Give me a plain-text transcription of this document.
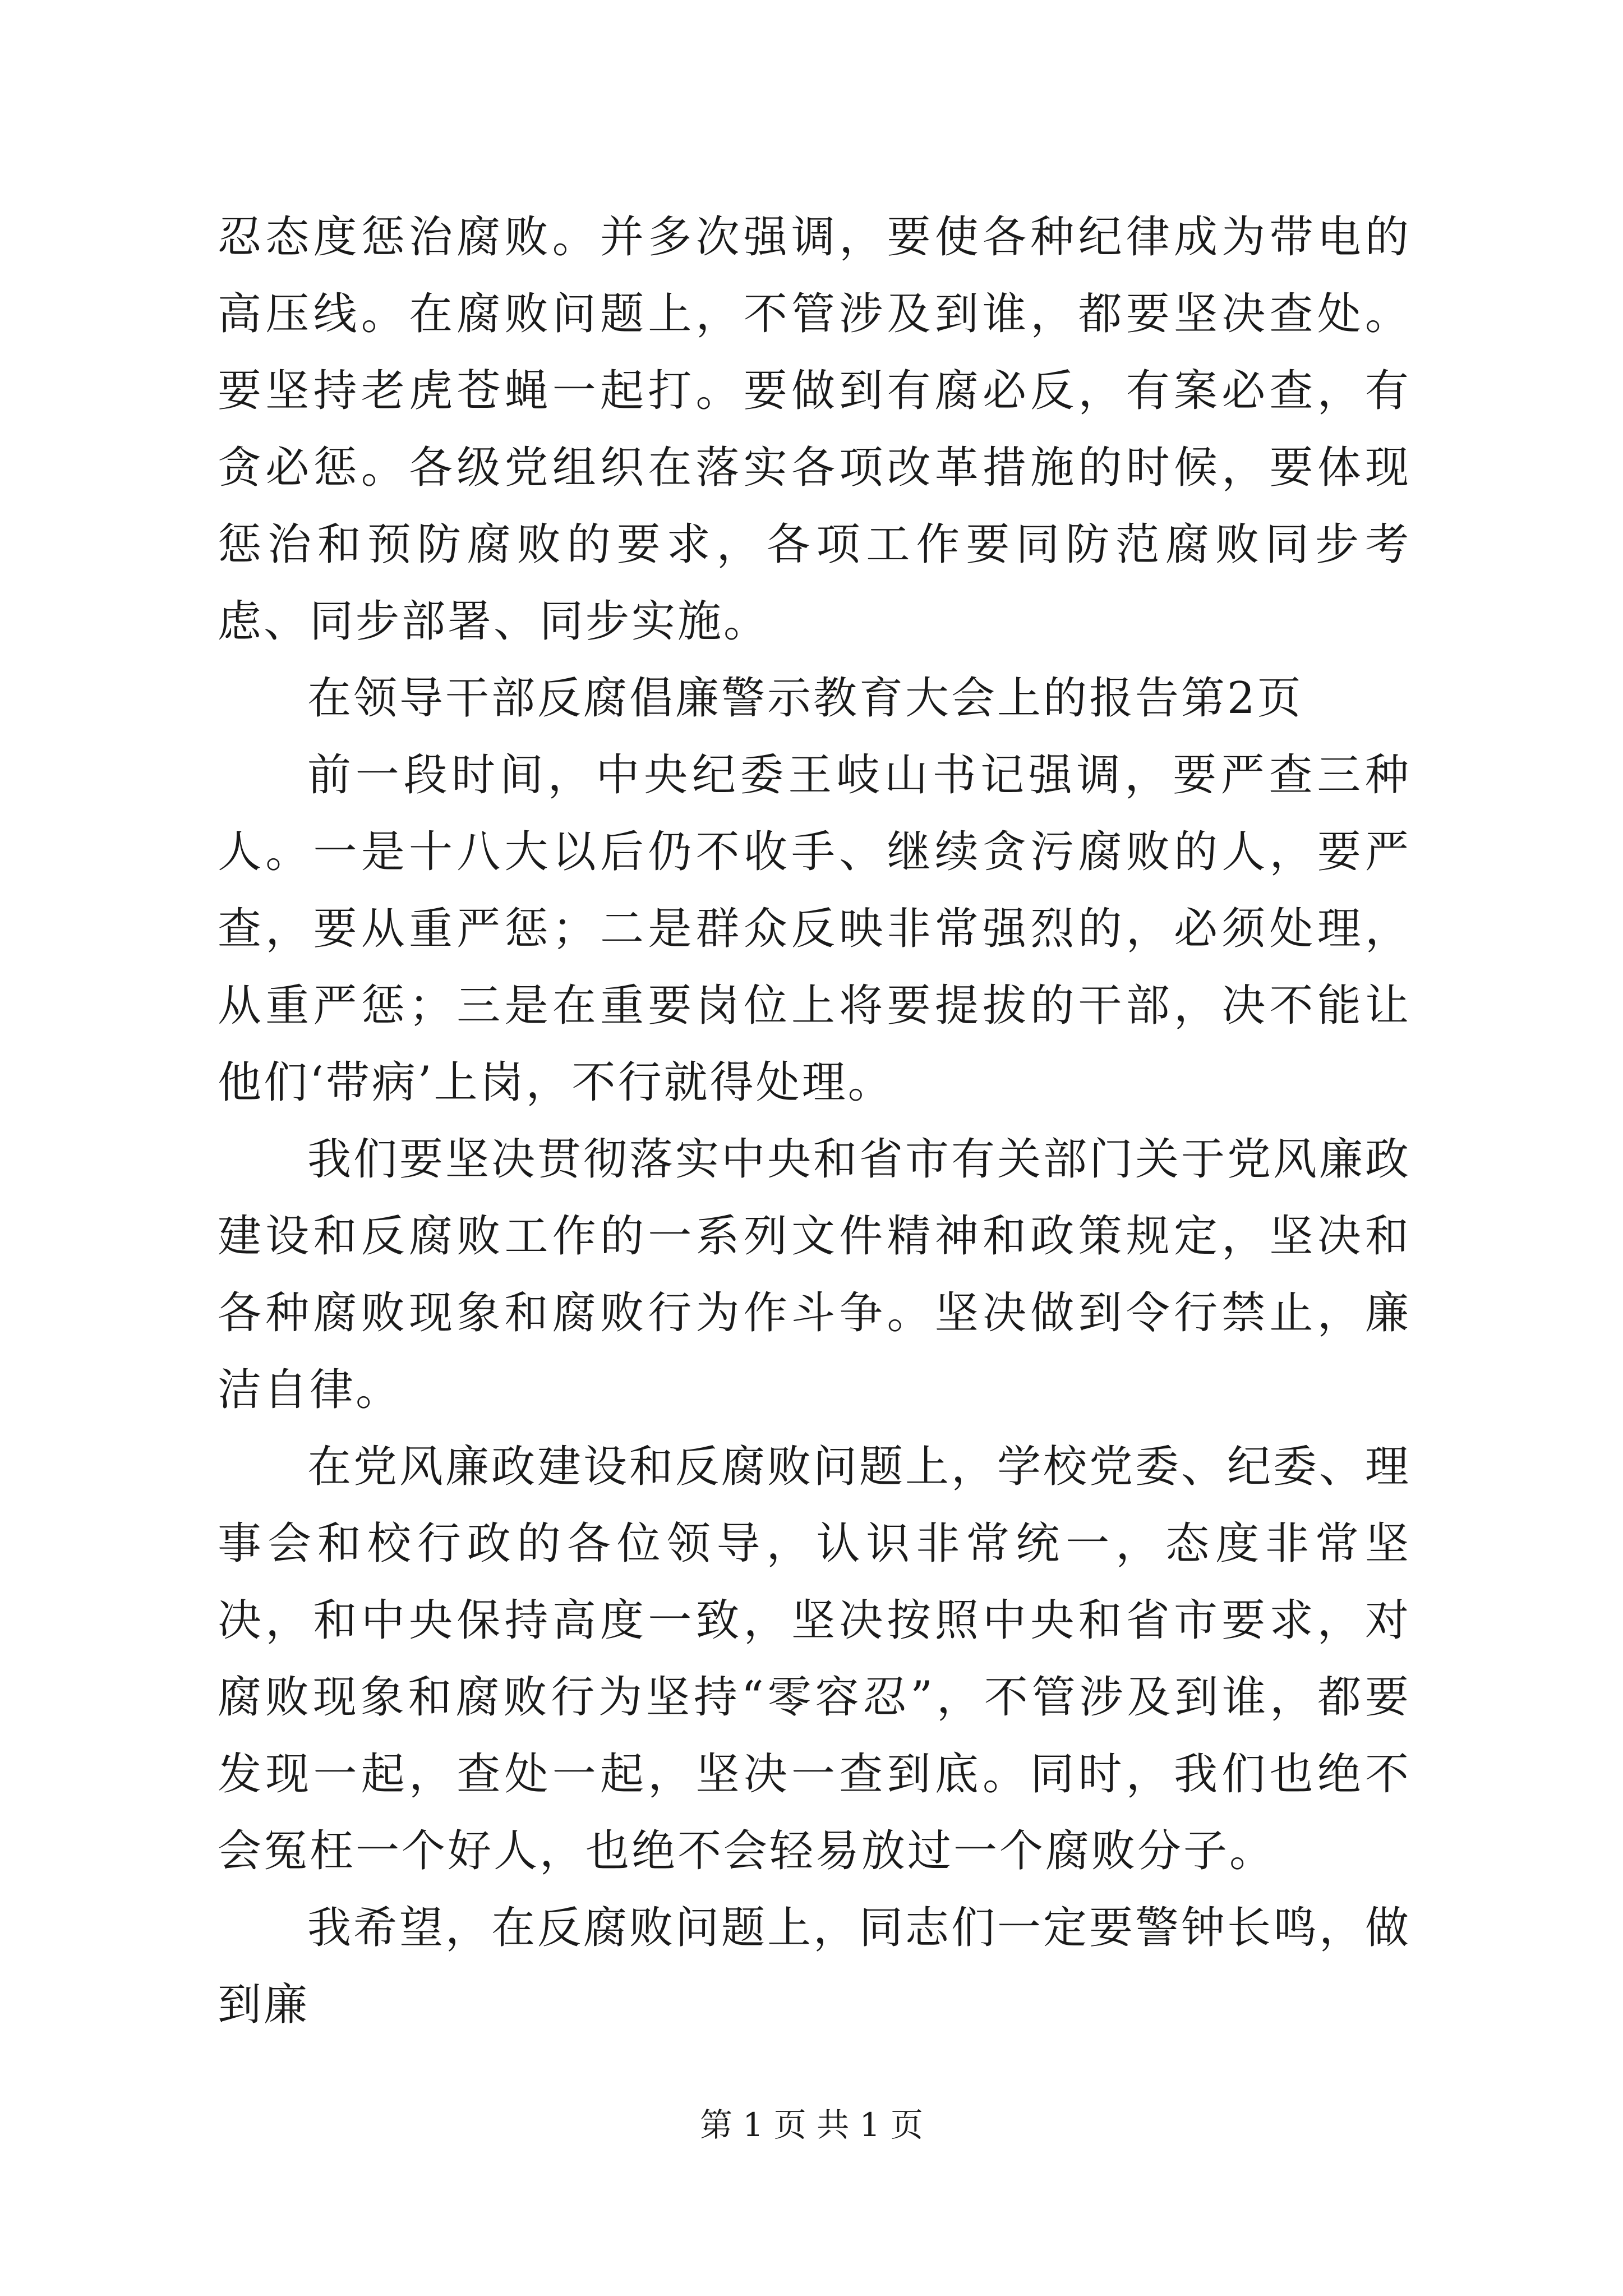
忍态度惩治腐败。并多次强调，要使各种纪律成为带电的高压线。在腐败问题上，不管涉及到谁，都要坚决查处。要坚持老虎苍蝇一起打。要做到有腐必反，有案必查，有贪必惩。各级党组织在落实各项改革措施的时候，要体现惩治和预防腐败的要求，各项工作要同防范腐败同步考虑、同步部署、同步实施。

在领导干部反腐倡廉警示教育大会上的报告第2页

前一段时间，中央纪委王岐山书记强调，要严查三种人。一是十八大以后仍不收手、继续贪污腐败的人，要严查，要从重严惩；二是群众反映非常强烈的，必须处理，从重严惩；三是在重要岗位上将要提拔的干部，决不能让他们‘带病’上岗，不行就得处理。

我们要坚决贯彻落实中央和省市有关部门关于党风廉政建设和反腐败工作的一系列文件精神和政策规定，坚决和各种腐败现象和腐败行为作斗争。坚决做到令行禁止，廉洁自律。

在党风廉政建设和反腐败问题上，学校党委、纪委、理事会和校行政的各位领导，认识非常统一，态度非常坚决，和中央保持高度一致，坚决按照中央和省市要求，对腐败现象和腐败行为坚持“零容忍”，不管涉及到谁，都要发现一起，查处一起，坚决一查到底。同时，我们也绝不会冤枉一个好人，也绝不会轻易放过一个腐败分子。

我希望，在反腐败问题上，同志们一定要警钟长鸣，做到廉

第 1 页 共 1 页
